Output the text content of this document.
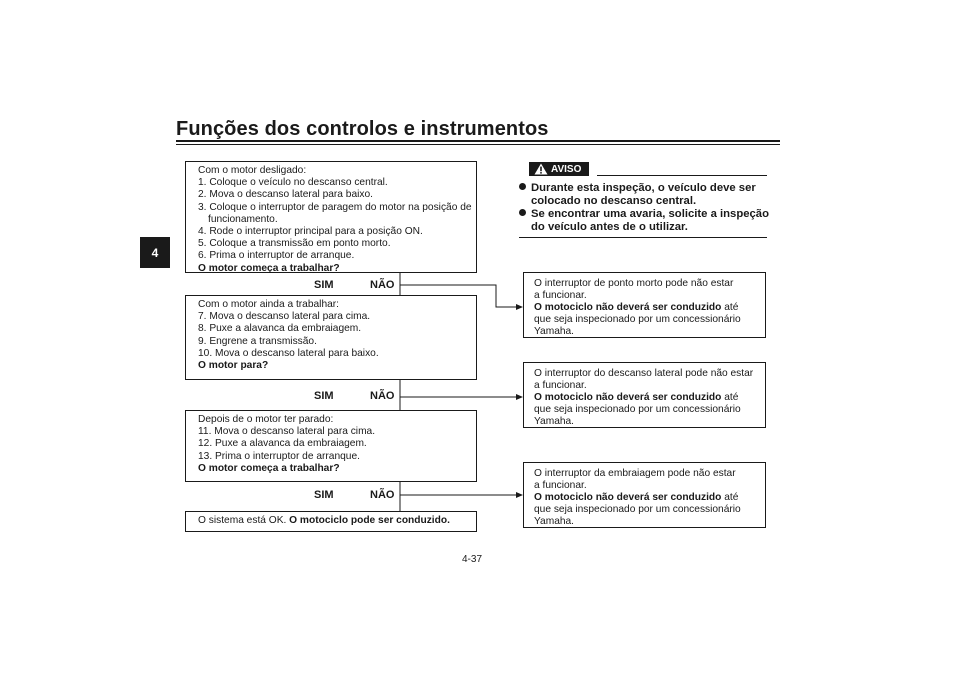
Funções dos controlos e instrumentos
4
Com o motor desligado:
1. Coloque o veículo no descanso central.
2. Mova o descanso lateral para baixo.
3. Coloque o interruptor de paragem do motor na posição de
funcionamento.
4. Rode o interruptor principal para a posição ON.
5. Coloque a transmissão em ponto morto.
6. Prima o interruptor de arranque.
O motor começa a trabalhar?
SIM	NÃO
Com o motor ainda a trabalhar:
7. Mova o descanso lateral para cima.
8. Puxe a alavanca da embraiagem.
9. Engrene a transmissão.
10. Mova o descanso lateral para baixo.
O motor para?
SIM	NÃO
Depois de o motor ter parado:
11. Mova o descanso lateral para cima.
12. Puxe a alavanca da embraiagem.
13. Prima o interruptor de arranque.
O motor começa a trabalhar?
SIM	NÃO
O sistema está OK. O motociclo pode ser conduzido.
AVISO
Durante esta inspeção, o veículo deve ser
colocado no descanso central.
Se encontrar uma avaria, solicite a inspeção
do veículo antes de o utilizar.
O interruptor de ponto morto pode não estar
a funcionar.
O motociclo não deverá ser conduzido até
que seja inspecionado por um concessionário
Yamaha.
O interruptor do descanso lateral pode não estar
a funcionar.
O motociclo não deverá ser conduzido até
que seja inspecionado por um concessionário
Yamaha.
O interruptor da embraiagem pode não estar
a funcionar.
O motociclo não deverá ser conduzido até
que seja inspecionado por um concessionário
Yamaha.
4-37
